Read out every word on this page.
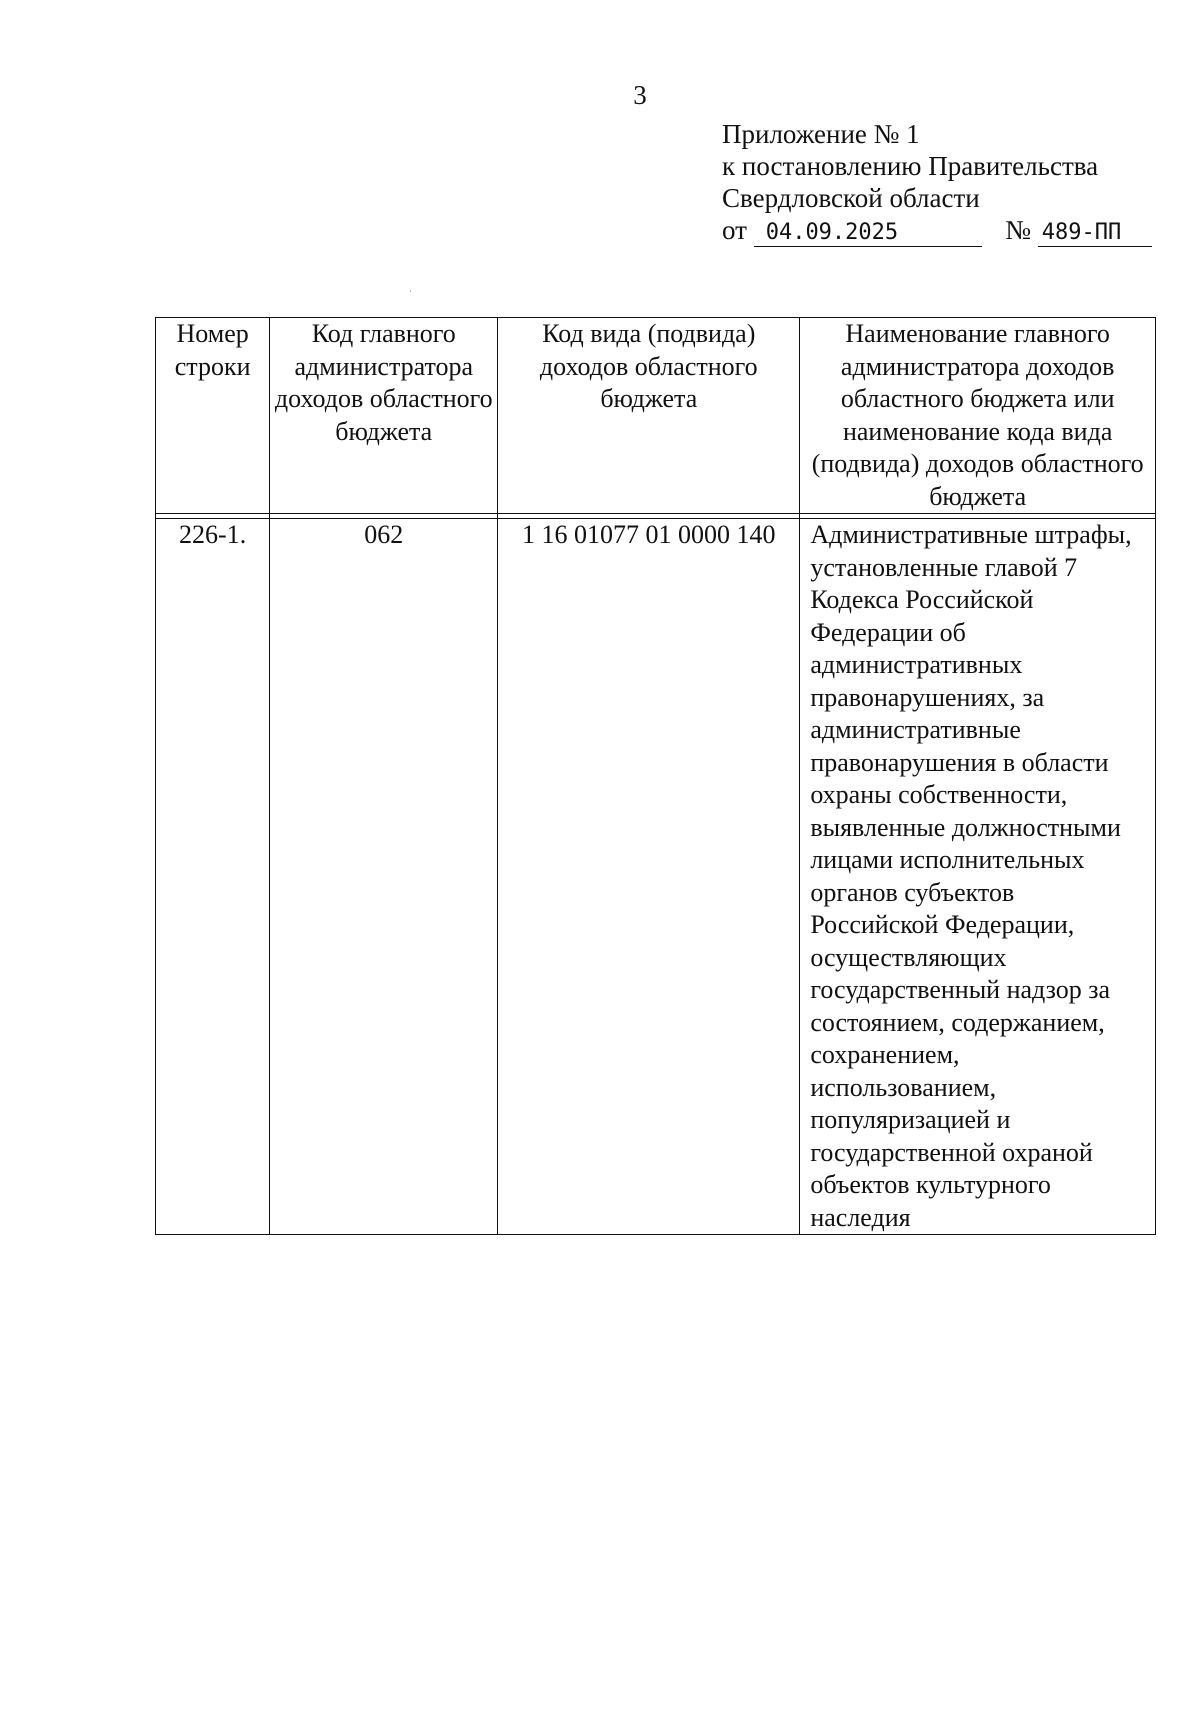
3
Приложение № 1
к постановлению Правительства
Свердловской области
от 04.09.2025	№ 489-ПП
Номер строки	Код главного администратора доходов областного бюджета	Код вида (подвида) доходов областного бюджета	Наименование главного администратора доходов областного бюджета или наименование кода вида (подвида) доходов областного бюджета

226-1.	062	1 16 01077 01 0000 140	Административные штрафы, установленные главой 7 Кодекса Российской Федерации об административных правонарушениях, за административные правонарушения в области охраны собственности, выявленные должностными лицами исполнительных органов субъектов Российской Федерации, осуществляющих государственный надзор за состоянием, содержанием, сохранением, использованием, популяризацией и государственной охраной объектов культурного наследия
